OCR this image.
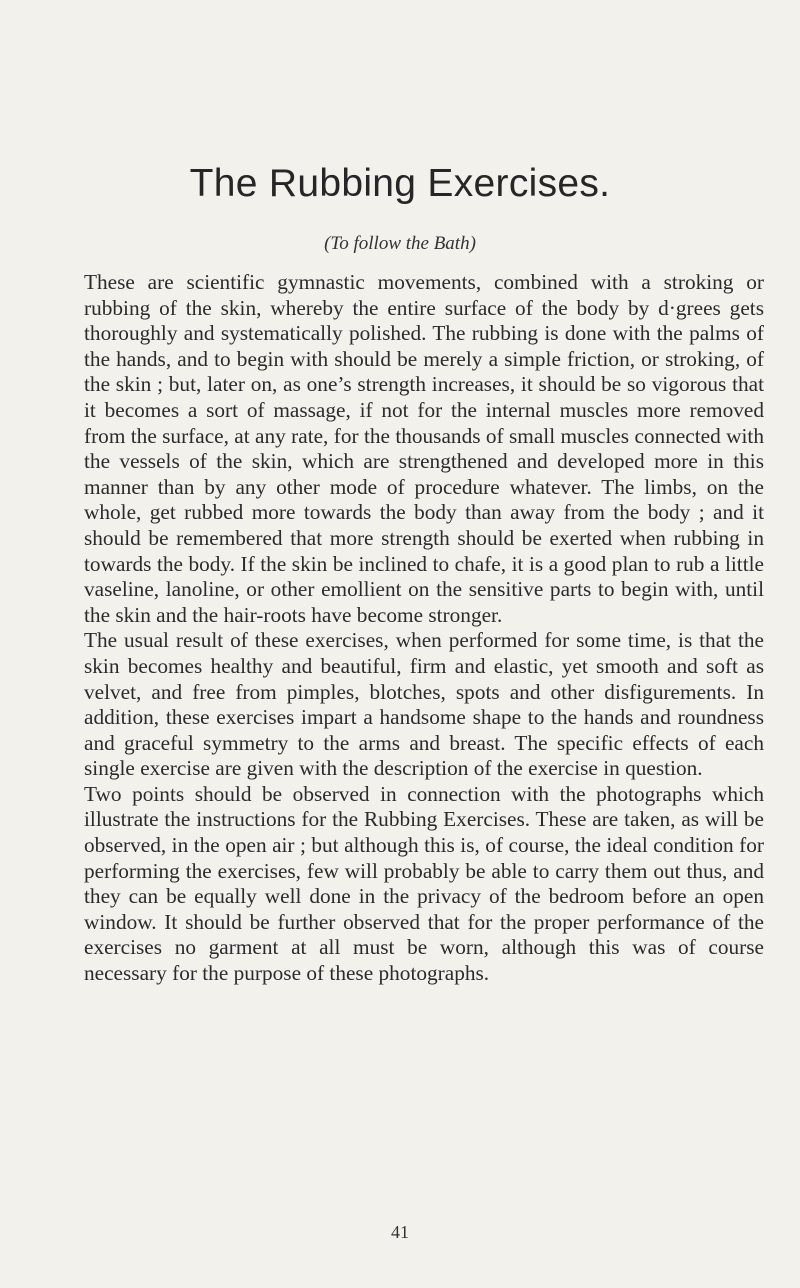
The Rubbing Exercises.
(To follow the Bath)

These are scientific gymnastic movements, combined with a stroking or rubbing of the skin, whereby the entire surface of the body by d·grees gets thoroughly and systematically polished. The rubbing is done with the palms of the hands, and to begin with should be merely a simple friction, or stroking, of the skin ; but, later on, as one’s strength increases, it should be so vigorous that it becomes a sort of massage, if not for the internal muscles more removed from the surface, at any rate, for the thousands of small muscles connected with the vessels of the skin, which are strengthened and developed more in this manner than by any other mode of procedure whatever. The limbs, on the whole, get rubbed more towards the body than away from the body ; and it should be remembered that more strength should be exerted when rubbing in towards the body. If the skin be inclined to chafe, it is a good plan to rub a little vaseline, lanoline, or other emollient on the sensitive parts to begin with, until the skin and the hair-roots have become stronger.

The usual result of these exercises, when performed for some time, is that the skin becomes healthy and beautiful, firm and elastic, yet smooth and soft as velvet, and free from pimples, blotches, spots and other disfigurements. In addition, these exercises impart a handsome shape to the hands and roundness and graceful symmetry to the arms and breast. The specific effects of each single exercise are given with the description of the exercise in question.

Two points should be observed in connection with the photographs which illustrate the instructions for the Rubbing Exercises. These are taken, as will be observed, in the open air ; but although this is, of course, the ideal condition for performing the exercises, few will probably be able to carry them out thus, and they can be equally well done in the privacy of the bedroom before an open window. It should be further observed that for the proper performance of the exercises no garment at all must be worn, although this was of course necessary for the purpose of these photographs.

41
